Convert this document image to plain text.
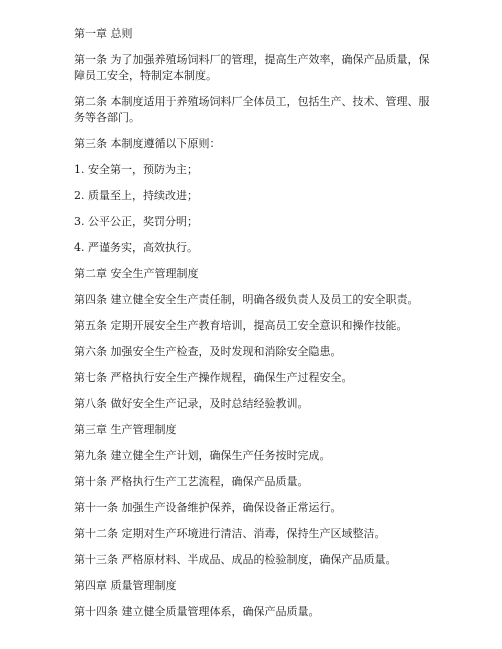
第一章 总则

第一条 为了加强养殖场饲料厂的管理，提高生产效率，确保产品质量，保障员工安全，特制定本制度。

第二条 本制度适用于养殖场饲料厂全体员工，包括生产、技术、管理、服务等各部门。

第三条 本制度遵循以下原则：

1. 安全第一，预防为主；

2. 质量至上，持续改进；

3. 公平公正，奖罚分明；

4. 严谨务实，高效执行。

第二章 安全生产管理制度

第四条 建立健全安全生产责任制，明确各级负责人及员工的安全职责。

第五条 定期开展安全生产教育培训，提高员工安全意识和操作技能。

第六条 加强安全生产检查，及时发现和消除安全隐患。

第七条 严格执行安全生产操作规程，确保生产过程安全。

第八条 做好安全生产记录，及时总结经验教训。

第三章 生产管理制度

第九条 建立健全生产计划，确保生产任务按时完成。

第十条 严格执行生产工艺流程，确保产品质量。

第十一条 加强生产设备维护保养，确保设备正常运行。

第十二条 定期对生产环境进行清洁、消毒，保持生产区域整洁。

第十三条 严格原材料、半成品、成品的检验制度，确保产品质量。

第四章 质量管理制度

第十四条 建立健全质量管理体系，确保产品质量。
